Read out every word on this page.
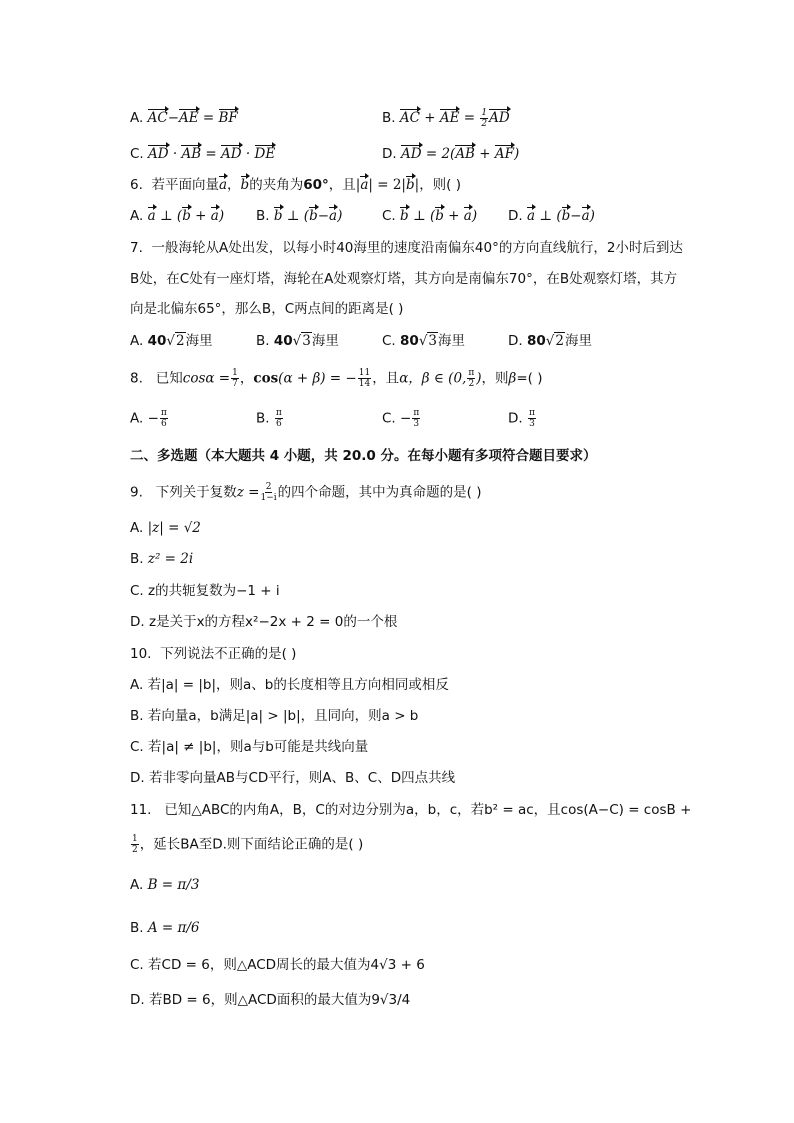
A. AC−AE = BF	B. AC + AE = $\frac{1}{2}$ AD
C. AD · AB = AD · DE	D. AD = 2(AB + AF)
6. 若平面向量a，b的夹角为60°，且|a| = 2|b|，则( )
A. a ⊥ (b + a) B. b ⊥ (b−a)	C. b ⊥ (b + a) D. a ⊥ (b−a)
7. 一般海轮从A处出发，以每小时40海里的速度沿南偏东40°的方向直线航行，2小时后到达
B处，在C处有一座灯塔，海轮在A处观察灯塔，其方向是南偏东70°，在B处观察灯塔，其方
向是北偏东65°，那么B，C两点间的距离是( )
A. 40√2海里	B. 40√3海里	C. 80√3海里	D. 80√2海里
8. 已知$\cos\alpha = \frac{1}{7}$ ，cos(α + β) = − $\frac{11}{14}$ ，且α，β ∈ (0, $\frac{\pi}{2}$ )，则β=( )
A. − $\frac{\pi}{6}$	B. $\frac{\pi}{6}$	C. − $\frac{\pi}{3}$	D. $\frac{\pi}{3}$
二、多选题（本大题共 4 小题，共 20.0 分。在每小题有多项符合题目要求）
9. 下列关于复数$z = \frac{2}{1-i}$ 的四个命题，其中为真命题的是( )
A. |z| = √2
B. z² = 2i
C. z的共轭复数为−1 + i
D. z是关于x的方程x²−2x + 2 = 0的一个根
10. 下列说法不正确的是( )
A. 若|a| = |b|，则a、b的长度相等且方向相同或相反
B. 若向量a，b满足|a| > |b|，且同向，则a > b
C. 若|a| ≠ |b|，则a与b可能是共线向量
D. 若非零向量AB与CD平行，则A、B、C、D四点共线
11. 已知△ABC的内角A，B，C的对边分别为a，b，c，若b² = ac，且cos(A−C) = cosB +
$\frac{1}{2}$ ，延长BA至D.则下面结论正确的是( )
A. B = π/3
B. A = π/6
C. 若CD = 6，则△ACD周长的最大值为4√3 + 6
D. 若BD = 6，则△ACD面积的最大值为9√3/4
